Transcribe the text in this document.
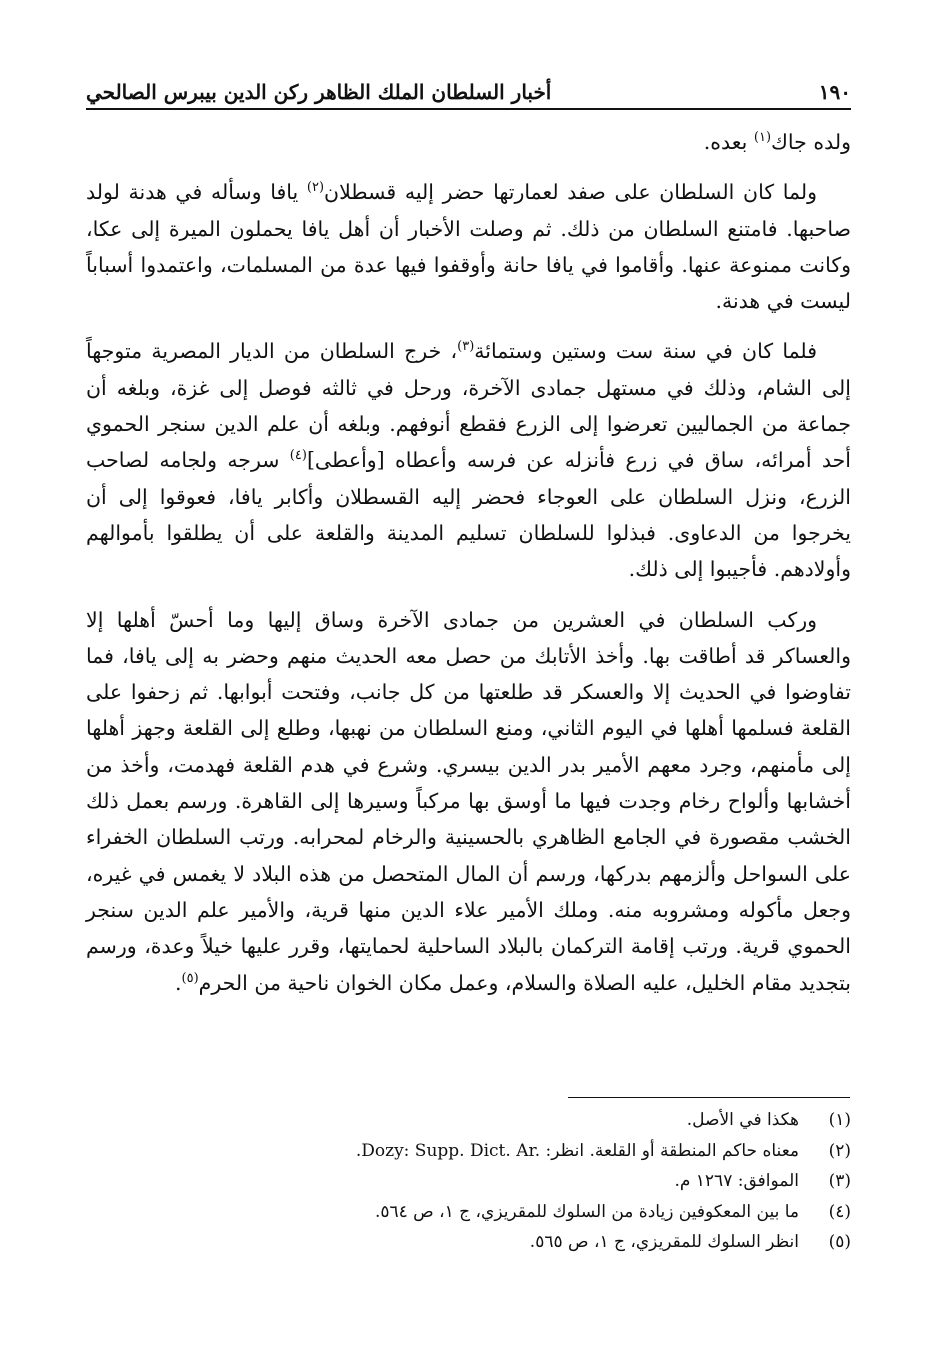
١٩٠
أخبار السلطان الملك الظاهر ركن الدين بيبرس الصالحي

ولده جاك$^{(١)}$ بعده.

ولما كان السلطان على صفد لعمارتها حضر إليه قسطلان$^{(٢)}$ يافا وسأله في هدنة لولد صاحبها. فامتنع السلطان من ذلك. ثم وصلت الأخبار أن أهل يافا يحملون الميرة إلى عكا، وكانت ممنوعة عنها. وأقاموا في يافا حانة وأوقفوا فيها عدة من المسلمات، واعتمدوا أسباباً ليست في هدنة.

فلما كان في سنة ست وستين وستمائة$^{(٣)}$، خرج السلطان من الديار المصرية متوجهاً إلى الشام، وذلك في مستهل جمادى الآخرة، ورحل في ثالثه فوصل إلى غزة، وبلغه أن جماعة من الجماليين تعرضوا إلى الزرع فقطع أنوفهم. وبلغه أن علم الدين سنجر الحموي أحد أمرائه، ساق في زرع فأنزله عن فرسه وأعطاه [وأعطى]$^{(٤)}$ سرجه ولجامه لصاحب الزرع، ونزل السلطان على العوجاء فحضر إليه القسطلان وأكابر يافا، فعوقوا إلى أن يخرجوا من الدعاوى. فبذلوا للسلطان تسليم المدينة والقلعة على أن يطلقوا بأموالهم وأولادهم. فأجيبوا إلى ذلك.

وركب السلطان في العشرين من جمادى الآخرة وساق إليها وما أحسّ أهلها إلا والعساكر قد أطاقت بها. وأخذ الأتابك من حصل معه الحديث منهم وحضر به إلى يافا، فما تفاوضوا في الحديث إلا والعسكر قد طلعتها من كل جانب، وفتحت أبوابها. ثم زحفوا على القلعة فسلمها أهلها في اليوم الثاني، ومنع السلطان من نهبها، وطلع إلى القلعة وجهز أهلها إلى مأمنهم، وجرد معهم الأمير بدر الدين بيسري. وشرع في هدم القلعة فهدمت، وأخذ من أخشابها وألواح رخام وجدت فيها ما أوسق بها مركباً وسيرها إلى القاهرة. ورسم بعمل ذلك الخشب مقصورة في الجامع الظاهري بالحسينية والرخام لمحرابه. ورتب السلطان الخفراء على السواحل وألزمهم بدركها، ورسم أن المال المتحصل من هذه البلاد لا يغمس في غيره، وجعل مأكوله ومشروبه منه. وملك الأمير علاء الدين منها قرية، والأمير علم الدين سنجر الحموي قرية. ورتب إقامة التركمان بالبلاد الساحلية لحمايتها، وقرر عليها خيلاً وعدة، ورسم بتجديد مقام الخليل، عليه الصلاة والسلام، وعمل مكان الخوان ناحية من الحرم$^{(٥)}$.

(١)
هكذا في الأصل.
(٢)
معناه حاكم المنطقة أو القلعة. انظر: Dozy: Supp. Dict. Ar..
(٣)
الموافق: ١٢٦٧ م.
(٤)
ما بين المعكوفين زيادة من السلوك للمقريزي، ج ١، ص ٥٦٤.
(٥)
انظر السلوك للمقريزي، ج ١، ص ٥٦٥.
